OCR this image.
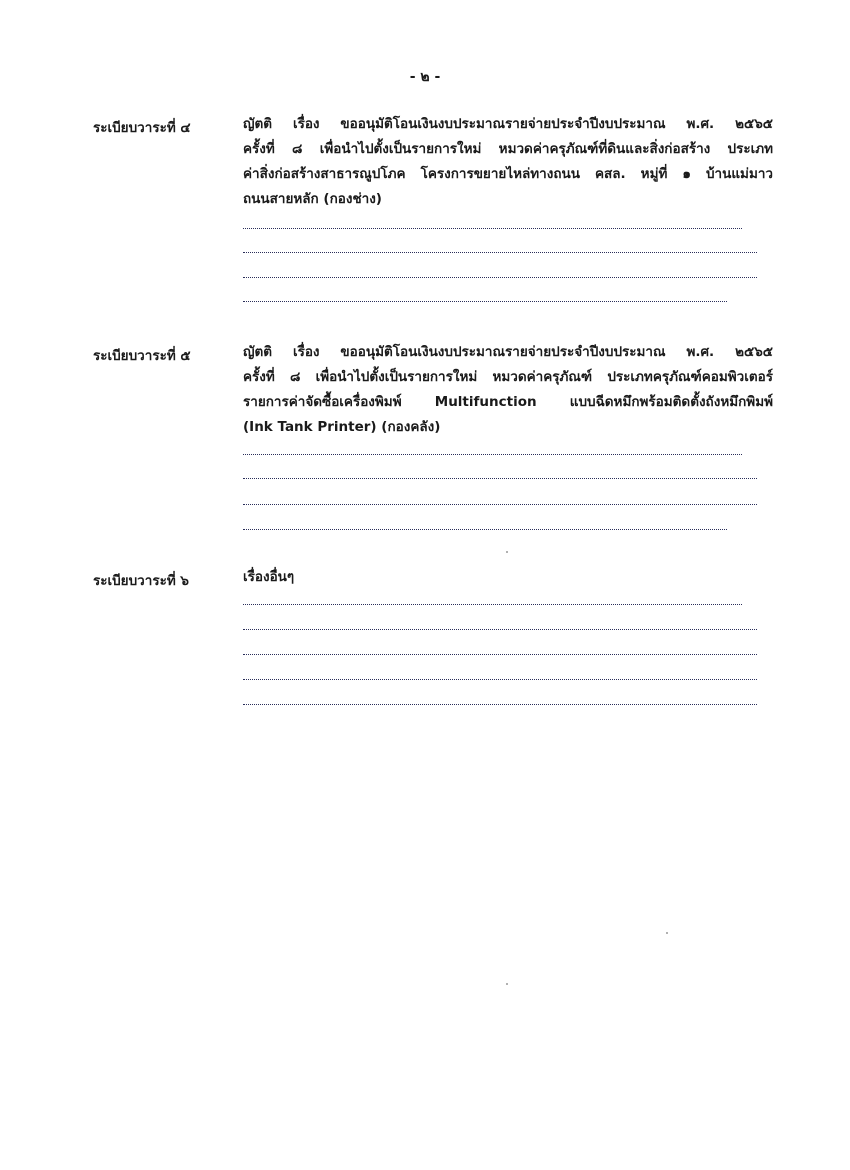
- ๒ -
ระเบียบวาระที่ ๔	ญัตติ เรื่อง ขออนุมัติโอนเงินงบประมาณรายจ่ายประจำปีงบประมาณ พ.ศ. ๒๕๖๕
ครั้งที่ ๘ เพื่อนำไปตั้งเป็นรายการใหม่ หมวดค่าครุภัณฑ์ที่ดินและสิ่งก่อสร้าง ประเภท
ค่าสิ่งก่อสร้างสาธารณูปโภค โครงการขยายไหล่ทางถนน คสล. หมู่ที่ ๑ บ้านแม่มาว
ถนนสายหลัก (กองช่าง)
ระเบียบวาระที่ ๕	ญัตติ เรื่อง ขออนุมัติโอนเงินงบประมาณรายจ่ายประจำปีงบประมาณ พ.ศ. ๒๕๖๕
ครั้งที่ ๘ เพื่อนำไปตั้งเป็นรายการใหม่ หมวดค่าครุภัณฑ์ ประเภทครุภัณฑ์คอมพิวเตอร์
รายการค่าจัดซื้อเครื่องพิมพ์ Multifunction แบบฉีดหมึกพร้อมติดตั้งถังหมึกพิมพ์
(Ink Tank Printer) (กองคลัง)
ระเบียบวาระที่ ๖	เรื่องอื่นๆ
